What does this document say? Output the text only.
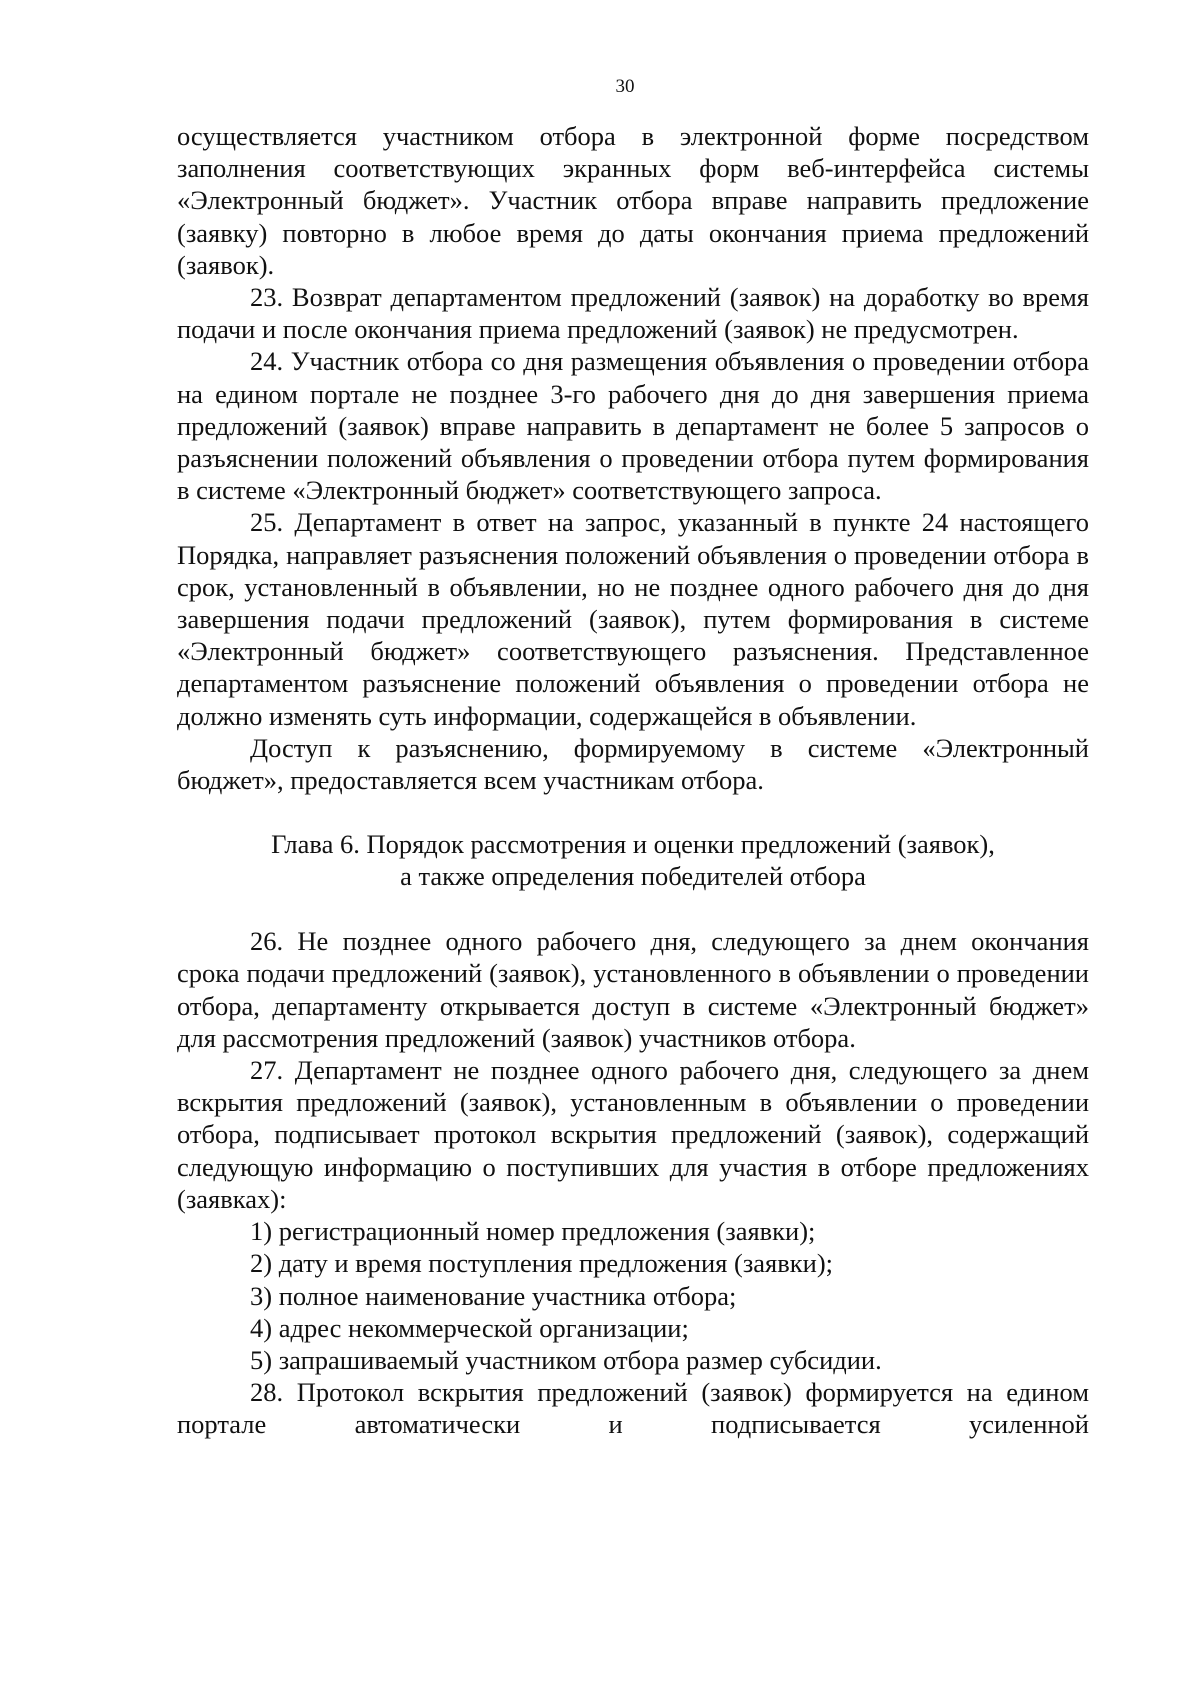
30

осуществляется участником отбора в электронной форме посредством заполнения соответствующих экранных форм веб-интерфейса системы «Электронный бюджет». Участник отбора вправе направить предложение (заявку) повторно в любое время до даты окончания приема предложений (заявок).

23. Возврат департаментом предложений (заявок) на доработку во время подачи и после окончания приема предложений (заявок) не предусмотрен.

24. Участник отбора со дня размещения объявления о проведении отбора на едином портале не позднее 3-го рабочего дня до дня завершения приема предложений (заявок) вправе направить в департамент не более 5 запросов о разъяснении положений объявления о проведении отбора путем формирования в системе «Электронный бюджет» соответствующего запроса.

25. Департамент в ответ на запрос, указанный в пункте 24 настоящего Порядка, направляет разъяснения положений объявления о проведении отбора в срок, установленный в объявлении, но не позднее одного рабочего дня до дня завершения подачи предложений (заявок), путем формирования в системе «Электронный бюджет» соответствующего разъяснения. Представленное департаментом разъяснение положений объявления о проведении отбора не должно изменять суть информации, содержащейся в объявлении.

Доступ к разъяснению, формируемому в системе «Электронный бюджет», предоставляется всем участникам отбора.

Глава 6. Порядок рассмотрения и оценки предложений (заявок),

а также определения победителей отбора

26. Не позднее одного рабочего дня, следующего за днем окончания срока подачи предложений (заявок), установленного в объявлении о проведении отбора, департаменту открывается доступ в системе «Электронный бюджет» для рассмотрения предложений (заявок) участников отбора.

27. Департамент не позднее одного рабочего дня, следующего за днем вскрытия предложений (заявок), установленным в объявлении о проведении отбора, подписывает протокол вскрытия предложений (заявок), содержащий следующую информацию о поступивших для участия в отборе предложениях (заявках):

1) регистрационный номер предложения (заявки);

2) дату и время поступления предложения (заявки);

3) полное наименование участника отбора;

4) адрес некоммерческой организации;

5) запрашиваемый участником отбора размер субсидии.

28. Протокол вскрытия предложений (заявок) формируется на едином портале автоматически и подписывается усиленной
